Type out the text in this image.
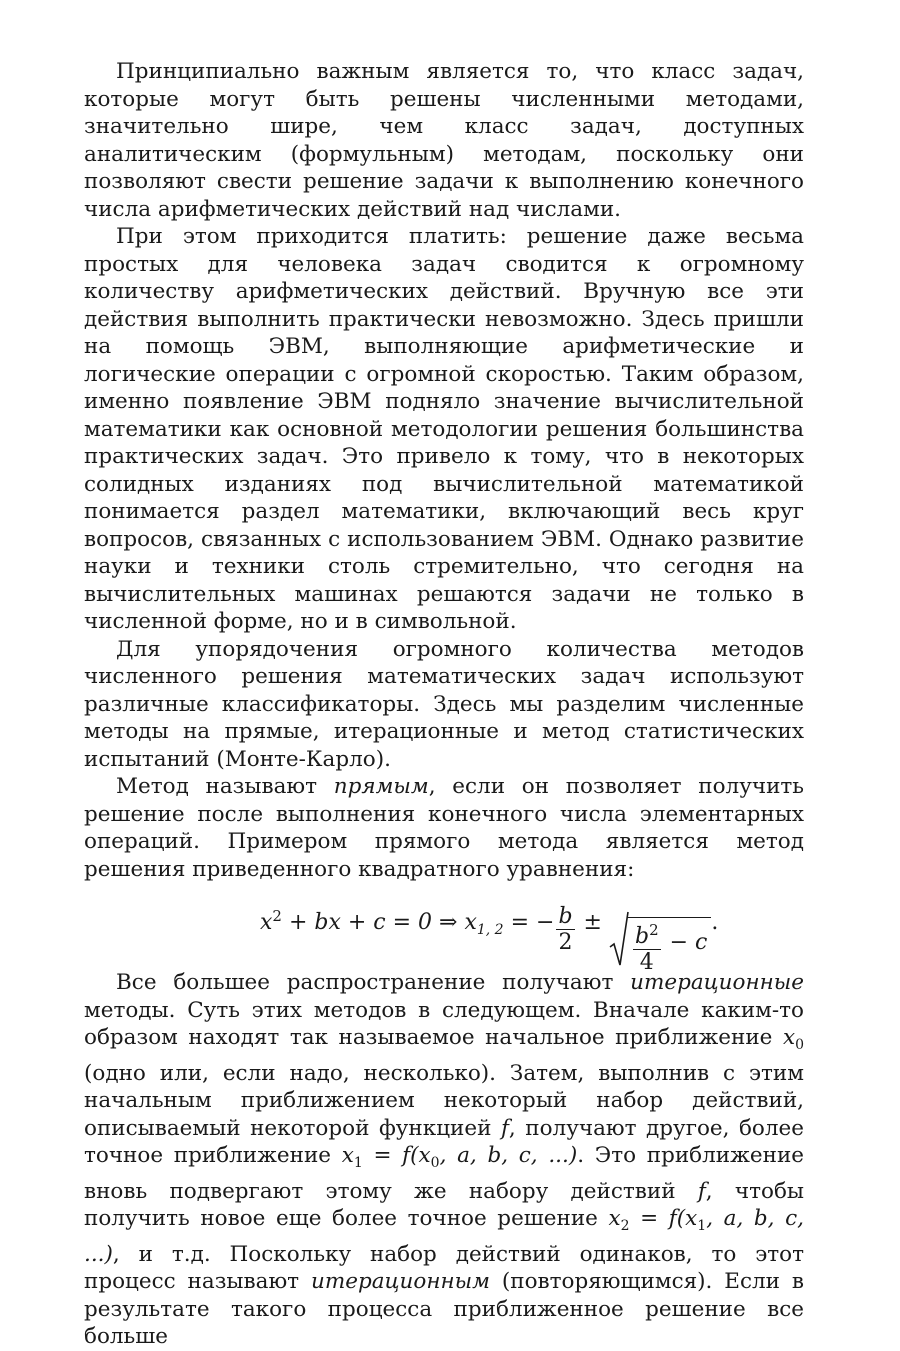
Принципиально важным является то, что класс задач, которые могут быть решены численными методами, значительно шире, чем класс задач, доступных аналитическим (формульным) методам, поскольку они позволяют свести решение задачи к выполнению конечного числа арифметических действий над числами.

При этом приходится платить: решение даже весьма простых для человека задач сводится к огромному количеству арифметических действий. Вручную все эти действия выполнить практически невозможно. Здесь пришли на помощь ЭВМ, выполняющие арифметические и логические операции с огромной скоростью. Таким образом, именно появление ЭВМ подняло значение вычислительной математики как основной методологии решения большинства практических задач. Это привело к тому, что в некоторых солидных изданиях под вычислительной математикой понимается раздел математики, включающий весь круг вопросов, связанных с использованием ЭВМ. Однако развитие науки и техники столь стремительно, что сегодня на вычислительных машинах решаются задачи не только в численной форме, но и в символьной.

Для упорядочения огромного количества методов численного решения математических задач используют различные классификаторы. Здесь мы разделим численные методы на прямые, итерационные и метод статистических испытаний (Монте-Карло).

Метод называют прямым, если он позволяет получить решение после выполнения конечного числа элементарных операций. Примером прямого метода является метод решения приведенного квадратного уравнения:

$x^2$ + bx + c = 0 ⇒ $x_{1, 2}$ = − $\frac{b}{2} \pm \frac{b^2}{4} - c$.

Все большее распространение получают итерационные методы. Суть этих методов в следующем. Вначале каким-то образом находят так называемое начальное приближение $x_0$ (одно или, если надо, несколько). Затем, выполнив с этим начальным приближением некоторый набор действий, описываемый некоторой функцией f, получают другое, более точное приближение $x_1 = f(x_0$, a, b, c, ...). Это приближение вновь подвергают этому же набору действий f, чтобы получить новое еще более точное решение $x_2 = f(x_1$, a, b, c, ...), и т.д. Поскольку набор действий одинаков, то этот процесс называют итерационным (повторяющимся). Если в результате такого процесса приближенное решение все больше
